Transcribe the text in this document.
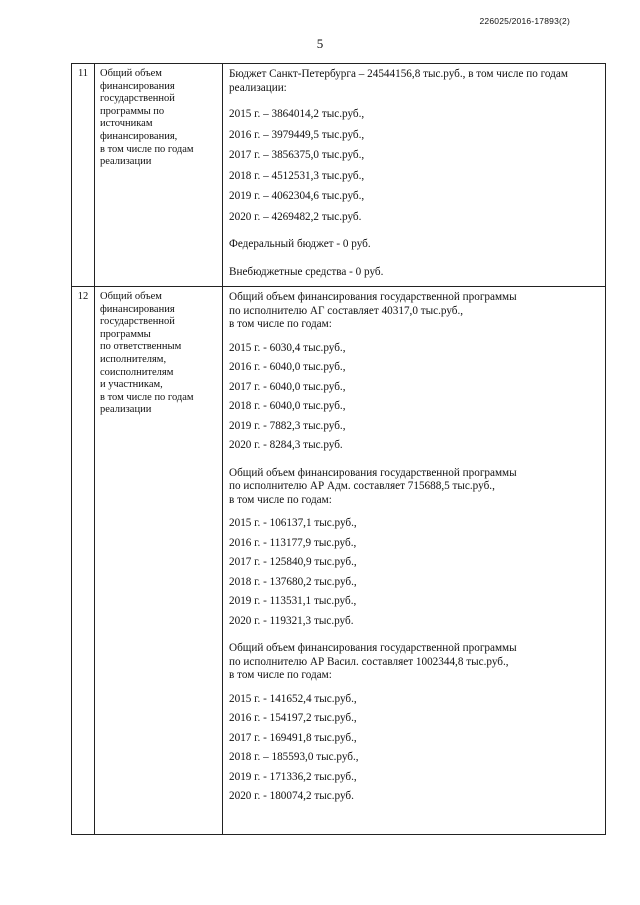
226025/2016-17893(2)
5
11	Общий объем
финансирования
государственной
программы по
источникам
финансирования,
в том числе по годам
реализации
Бюджет Санкт-Петербурга – 24544156,8 тыс.руб., в том числе по годам
реализации:
2015 г. – 3864014,2 тыс.руб.,
2016 г. – 3979449,5 тыс.руб.,
2017 г. – 3856375,0 тыс.руб.,
2018 г. – 4512531,3 тыс.руб.,
2019 г. – 4062304,6 тыс.руб.,
2020 г. – 4269482,2 тыс.руб.
Федеральный бюджет - 0 руб.
Внебюджетные средства - 0 руб.
12	Общий объем
финансирования
государственной
программы
по ответственным
исполнителям,
соисполнителям
и участникам,
в том числе по годам
реализации
Общий объем финансирования государственной программы
по исполнителю АГ составляет 40317,0 тыс.руб.,
в том числе по годам:
2015 г. - 6030,4 тыс.руб.,
2016 г. - 6040,0 тыс.руб.,
2017 г. - 6040,0 тыс.руб.,
2018 г. - 6040,0 тыс.руб.,
2019 г. - 7882,3 тыс.руб.,
2020 г. - 8284,3 тыс.руб.
Общий объем финансирования государственной программы
по исполнителю АР Адм. составляет 715688,5 тыс.руб.,
в том числе по годам:
2015 г. - 106137,1 тыс.руб.,
2016 г. - 113177,9 тыс.руб.,
2017 г. - 125840,9 тыс.руб.,
2018 г. - 137680,2 тыс.руб.,
2019 г. - 113531,1 тыс.руб.,
2020 г. - 119321,3 тыс.руб.
Общий объем финансирования государственной программы
по исполнителю АР Васил. составляет 1002344,8 тыс.руб.,
в том числе по годам:
2015 г. - 141652,4 тыс.руб.,
2016 г. - 154197,2 тыс.руб.,
2017 г. - 169491,8 тыс.руб.,
2018 г. – 185593,0 тыс.руб.,
2019 г. - 171336,2 тыс.руб.,
2020 г. - 180074,2 тыс.руб.
